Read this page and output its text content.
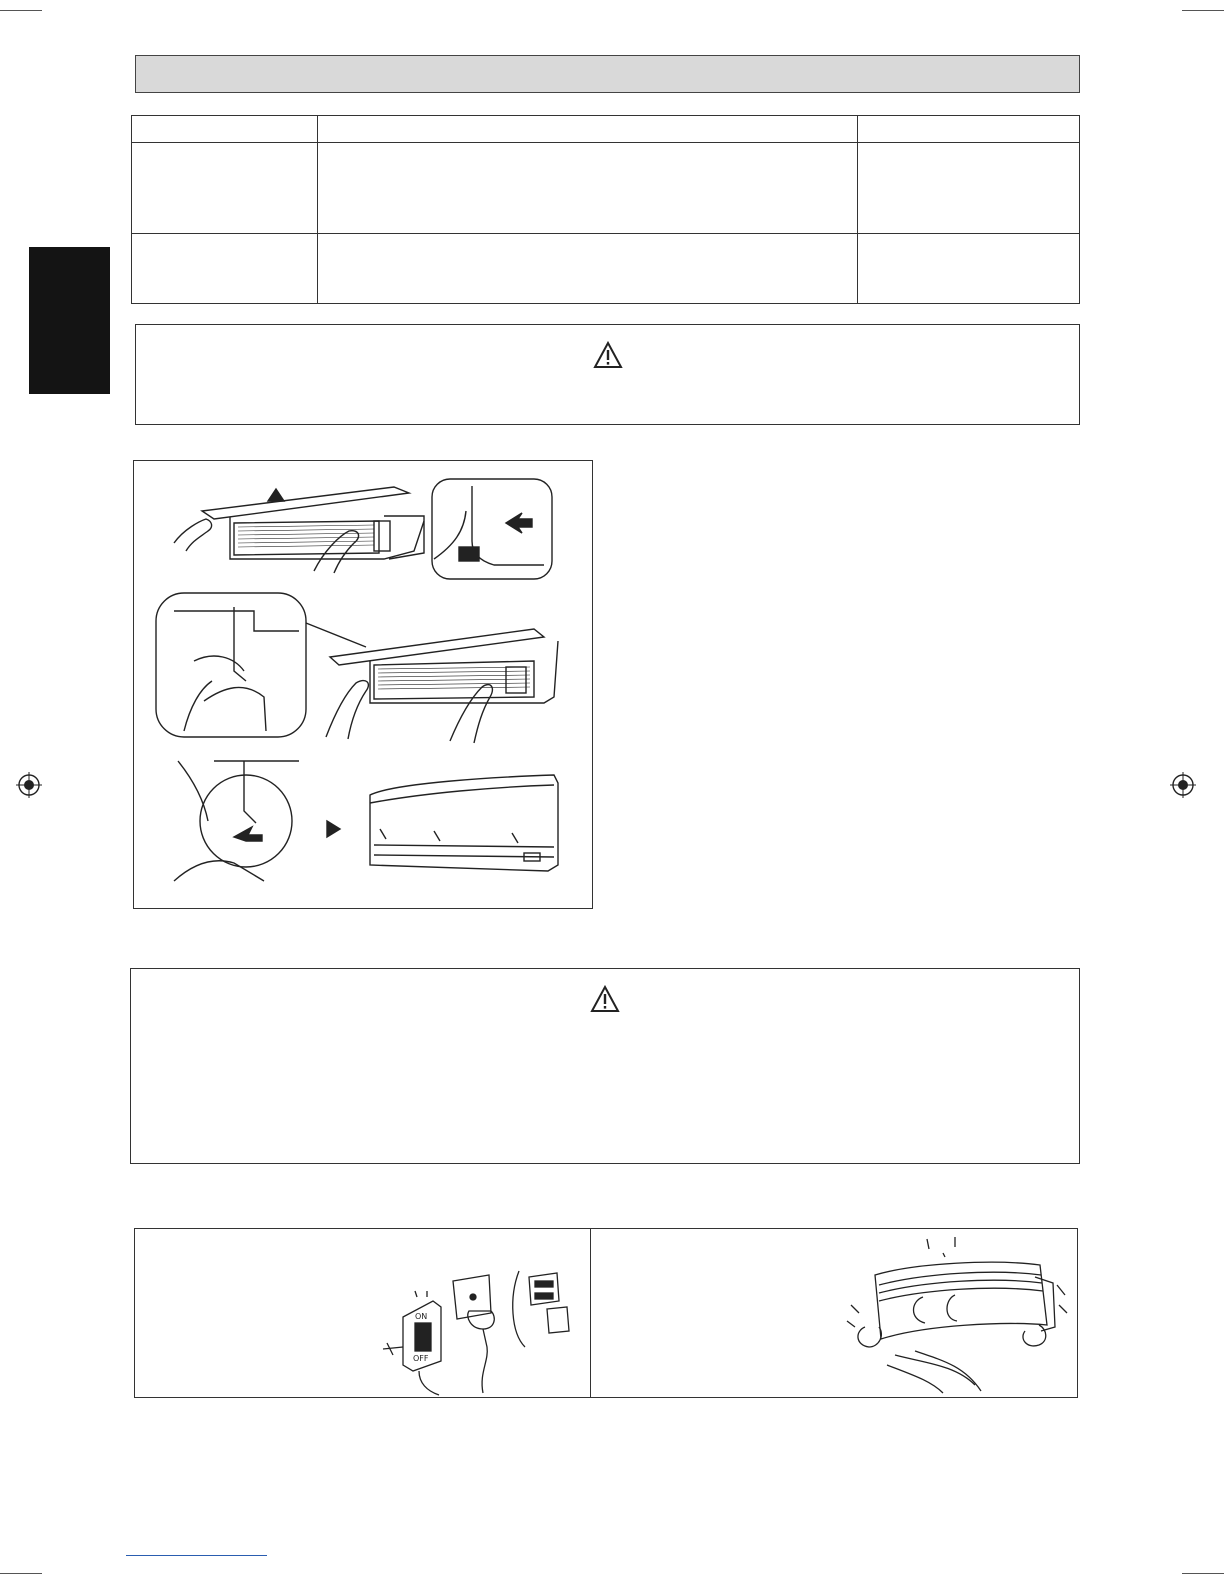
ON
OFF
